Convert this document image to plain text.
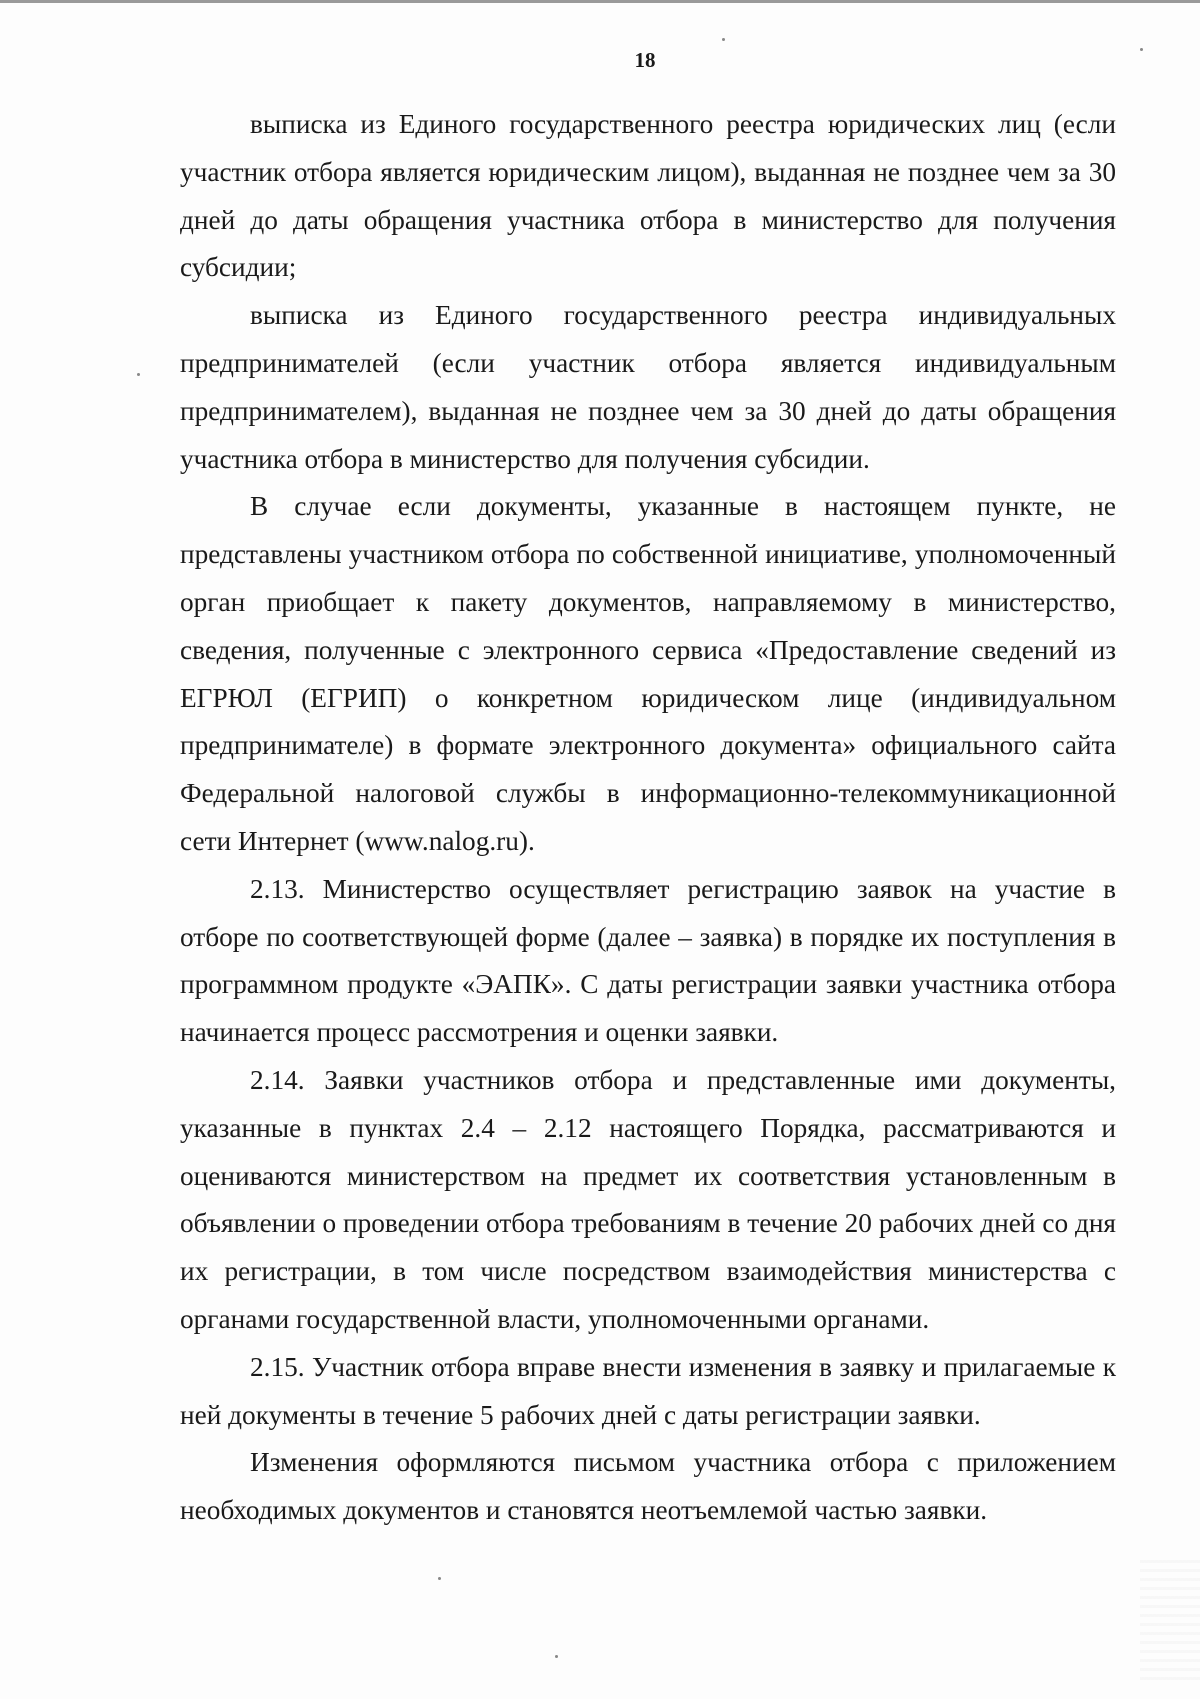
18

выписка из Единого государственного реестра юридических лиц (если участник отбора является юридическим лицом), выданная не позднее чем за 30 дней до даты обращения участника отбора в министерство для получения субсидии;

выписка из Единого государственного реестра индивидуальных предпринимателей (если участник отбора является индивидуальным предпринимателем), выданная не позднее чем за 30 дней до даты обращения участника отбора в министерство для получения субсидии.

В случае если документы, указанные в настоящем пункте, не представлены участником отбора по собственной инициативе, уполномоченный орган приобщает к пакету документов, направляемому в министерство, сведения, полученные с электронного сервиса «Предоставление сведений из ЕГРЮЛ (ЕГРИП) о конкретном юридическом лице (индивидуальном предпринимателе) в формате электронного документа» официального сайта Федеральной налоговой службы в информационно-телекоммуникационной сети Интернет (www.nalog.ru).

2.13. Министерство осуществляет регистрацию заявок на участие в отборе по соответствующей форме (далее – заявка) в порядке их поступления в программном продукте «ЭАПК». С даты регистрации заявки участника отбора начинается процесс рассмотрения и оценки заявки.

2.14. Заявки участников отбора и представленные ими документы, указанные в пунктах 2.4 – 2.12 настоящего Порядка, рассматриваются и оцениваются министерством на предмет их соответствия установленным в объявлении о проведении отбора требованиям в течение 20 рабочих дней со дня их регистрации, в том числе посредством взаимодействия министерства с органами государственной власти, уполномоченными органами.

2.15. Участник отбора вправе внести изменения в заявку и прилагаемые к ней документы в течение 5 рабочих дней с даты регистрации заявки.

Изменения оформляются письмом участника отбора с приложением необходимых документов и становятся неотъемлемой частью заявки.
